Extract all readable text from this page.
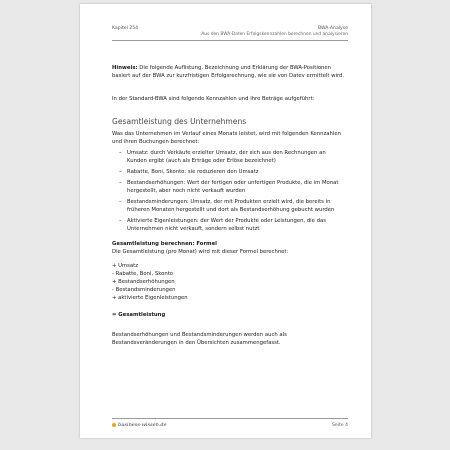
Kapitel 254	BWA-Analyse
Aus den BWA-Daten Erfolgskennzahlen berechnen und analysieren

Hinweis: Die folgende Auflistung, Bezeichnung und Erklärung der BWA-Positionen basiert auf der BWA zur kurzfristigen Erfolgsrechnung, wie sie von Datev ermittelt wird.

In der Standard-BWA sind folgende Kennzahlen und ihre Beträge aufgeführt:

Gesamtleistung des Unternehmens

Was das Unternehmen im Verlauf eines Monats leistet, wird mit folgenden Kennzahlen und ihren Buchungen berechnet:

– Umsatz: durch Verkäufe erzielter Umsatz, der sich aus den Rechnungen an Kunden ergibt (auch als Erträge oder Erlöse bezeichnet)
– Rabatte, Boni, Skonto: sie reduzieren den Umsatz
– Bestandserhöhungen: Wert der fertigen oder unfertigen Produkte, die im Monat hergestellt, aber noch nicht verkauft wurden
– Bestandsminderungen: Umsatz, der mit Produkten erzielt wird, die bereits in früheren Monaten hergestellt und dort als Bestandserhöhung gebucht wurden
– Aktivierte Eigenleistungen: der Wert der Produkte oder Leistungen, die das Unternehmen nicht verkauft, sondern selbst nutzt
Gesamtleistung berechnen: Formel
Die Gesamtleistung (pro Monat) wird mit dieser Formel berechnet:
+ Umsatz
- Rabatte, Boni, Skonto
+ Bestandserhöhungen
- Bestandsminderungen
+ aktivierte Eigenleistungen
= Gesamtleistung

Bestandserhöhungen und Bestandsminderungen werden auch als Bestandsveränderungen in den Übersichten zusammengefasst.

business-wissen.de	Seite 4
